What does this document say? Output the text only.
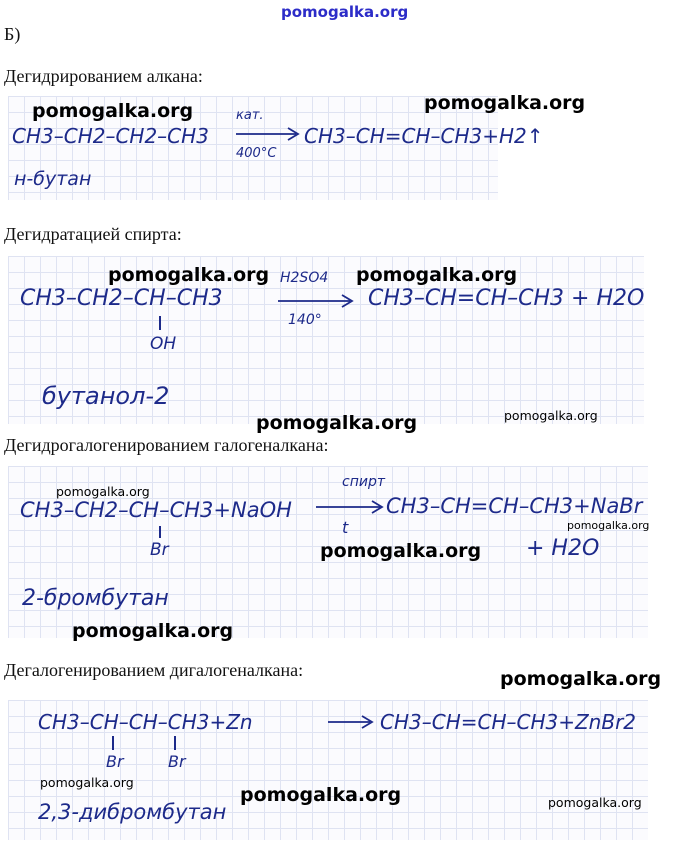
pomogalka.org
Б)
Дегидрированием алкана:
CH3–CH2–CH2–CH3
кат.
400°C
CH3–CH=CH–CH3+H2↑
н-бутан
Дегидратацией спирта:
CH3–CH2–CH–CH3
OH
H2SO4
140°
CH3–CH=CH–CH3 + H2O
бутанол-2
Дегидрогалогенированием галогеналкана:
CH3–CH2–CH–CH3+NaOH
Br
спирт
t
CH3–CH=CH–CH3+NaBr
+ H2O
2-бромбутан
Дегалогенированием дигалогеналкана:
CH3–CH–CH–CH3+Zn
Br	Br
CH3–CH=CH–CH3+ZnBr2
2,3-дибромбутан
pomogalka.org	pomogalka.org
pomogalka.org	pomogalka.org
pomogalka.org	pomogalka.org
pomogalka.org
pomogalka.org
pomogalka.org
pomogalka.org
pomogalka.org
pomogalka.org
pomogalka.org	pomogalka.org
